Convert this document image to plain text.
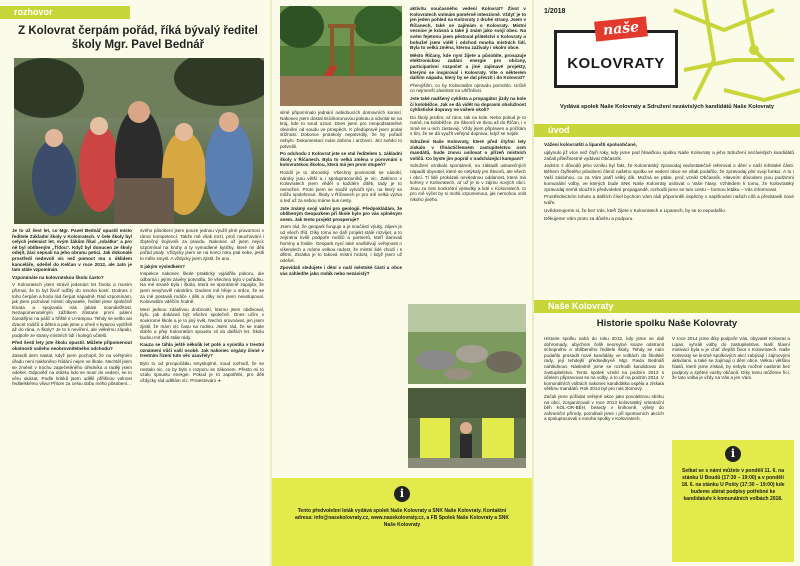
rozhovor
Z Kolovrat čerpám pořád, říká bývalý ředitel školy Mgr. Pavel Bednář

Je to už šest let, co Mgr. Pavel Bednář opustil místo ředitele Základní školy v Kolovratech. V čele školy byl celých jedenáct let, svým žákům říkal „robátka“ a pro ně byl oblíbeným „Ťídou“. Když byl donucen ze školy odejít, žáci sepsali na jeho obranu petici. Jak dokonalé prostředí nedovolí víc než pomoct mu s úklidem kanceláře, odešel do Kelčan v roce 2012, ale zato je tam stále vzpomínán.

Vzpomínáte na kolovratskou školu často?

V Kolovratech jsem strávil jedenáct let života a musím přiznat, že to byl živoř odžitý do mnoha kostí. Dodnes z toho čerpám a hodu rád čerpat nápadně. Rád vzpomínám, jak jsem poznával místní obyvatele, ředitel jsme společně tímata a spojovala nás jakási sounáležitost. Nezapomenutelným zážitkem zůstane první pálení čarodějnic na pálčí u hřiště s U-rampou. Tehdy se sešlo asi dvacet rodičů a dětmi a pak jsme u ohně s kytarou vydrželi až do rána. A školy? Je to k nevíření, ale velkému zápalu, podpoře ze strany místních lidí i kolegů učitelů.

Před šesti lety jste školu opustil. Můžete připomenout okolnosti vašeho neobrovnitelného odchodu?

Zasedli dem nastal, když jsem pochopil, že na veřejném úřadu není nakloněno hlídání nejen ve škole. Nechtěl jsem se změnit v trochu zapečetěného úředníka a raději jsem odešel. Odpověď na otázku kdo se musí do vedení, se to věru ukázat. Podle kritiků jsem udělil přílišnou volnost ředitelskému vlivu! Přitom za celou dobu mého působení...

svého působení jsem pouze jednou využil plné pravomoci v rámci kompetencí. Takže mě však mrzí, proč neuchování i zbytečný bojovník za pravdu. Nakonec už jsem nejvíc vzpomínal na kruhy a ty vymodlené kytičky, které mi děti pořád psaly. Vždycky jsem se na konci roku ptal sebe, jestli to mělo smysl. A vždycky jsem zjistil, že ano.

S jakým výsledkem?

Inspekce nakonec škole prakticky vyjádřila pokoru, ale odborná i jejími závěry potvrdila, že všechno bylo v pořádku. Na mé straně byla i škola, která se spontánně zapojila, že jsem nevyhověl nárokům. Dodnes mě hřeje u srdce, že se za mě postavili rodiče i děti a díky nim jsem neustupoval. Kolovratům vděčím hodně.

Mezi jednou zdánlivou drobností, kterou jsem obdivoval, bylo, jak dokázali být všichni společně. Dnes učím v soukromé škole a je to jiný svět. Nechci srovnávat, jen jsem zjistil, že mám víc času na rodinu. Jsem rád, že se máte dobře a přeji Kolovratům spoustu sil do dalších let. Školu budou mít děti stále rády.

Kauza se táhla ještě několik let poté a vyústila v trestní oznámení vůči vaší osobě. Jak nakonec orgány činné v trestním řízení tuto věc uzavřely?

Bylo to od prvopočátku smysluplné, soud rozhodl, že se nestalo nic, co by bylo v rozporu se zákonem. Přesto mi to vzalo spoustu energie. Pokud je to zapotřebí, pro děti vždycky rád udělám víc. Protestováni ➜

silně připomínalo jednání nebidoucích domovních komisí. Nakonec jsem dostal tisícikorunovou pokutu a odvolal se na kraj, kde to soud uznal. Dnes jsem pro neopodstatněné obvinění od soudu ve prospěch. K předúpravě jsem podal stížnost. Dokonce protokoly nepotvrdily, že by pořadí nebylo. Dokumentací mám dobrou i archivní. Jiní svědci to potvrdili.

Po odchodu z Kolovrat jste se stal ředitelem 1. základní školy v Říčanech. Byla to velká změna v porovnání s kolovratskou školou, která má jen první stupeň?

Rozdíl je to obrovský. Všechny povinnosti se násobí, nároky jsou větší a i spolupracovníků je víc. Zatímco v Kolovratech jsem věděl o každém dítěti, tady je to nemožné. Proto jsem se snažil vytvořit tým, na který se můžu spolehnout. Školy v Říčanech je pro mě velká výzva a teď už za sebou máme kus cesty.

Jste známý svojí vášní pro geologii. Předpokládám, že oblíbeným Geoparkem při škole bylo pro vás splněným snem. Jak tento projekt prosperuje?

Jsem rád, že geopark funguje a je součástí výuky, zájem je od všech tříd. Díky tomu se daří projekt stále rozvíjet, a to zejména kvůli podpoře rodičů a partnerů, kteří darovali horniny a fosilie. Geopark nyní také navštěvují veřejnosti o víkendech a máme velkou radost, že místní lidé chodí i s dětmi. Zkrátka je to taková místní hrdost, i když jsem už odešel.

Zpovídali sledujete i dění v naší městské části a obce vás zahledíte jako rodák nebo nezávislý?

aktivitu současného vedení Kolovrat? Život v Kolovratech vnímám poměrně intenzivně. Vždyť je to jen jeden pohled na Kolovraty z druhé strany. Jsem v Říčanech, také se zajímám o Kolovraty. Místní vesnice je krásná a také ji znám jako svoji obec. Na svém fejetonu jsem pěstoval přátelství s Kolovraty a bohužel jsem viděl i odchod mnoha místních lidí. Byla to velká změna, kterou zažívaly i okolní obce.

Město Říčany, kde nyní žijete a působíte, prosazuje elektronickou zadání energie pro občany, participativní rozpočet a jiné zajímavé projekty, kterými se inspiroval i Kolovraty. Vite o některém dalším nápadu, který by se dal převzít i do Kolovrat?

Přemýšlím, co by Kolovratům opravdu pomohlo. Určitě co nejmenší závislost na Uhříněvsi.

Jste také nadšený cyklista a propagátor jízdy na kole či koloběžce. Jak se dá vidět na dopravní obslužnost cyklistické dopravy ve vašem okolí?

Do školy jezdím, ať ráno, tak na kole. Nebo pokud je to nutné, na koloběžce. Ze Škvorů ve dvou až do Říčan, i v zimě se u nich zastavuji. Vždy jsem připraven a počítám s tím, že se dá využít veřejná doprava, když se nejde.

Sdružení Naše Kolovraty, které před čtyřmi lety získalo v třináctičlenném zastupitelstvu osm mandátů, bude znovu usilovat o přízeň místních voličů. Co byste jim poprál v nadcházející kampani?

Sdružení vznikalo spontánně, na základě uskutečných nápadů obyvatel, které se netýkaly jen Škvorů, ale všech i obcí. Ti lidé prokázali nevšednou oddanost, která má kořeny v Kolovratech, ať už je to v zájmu nových obcí. Jsou za nimi konkrétní výsledky a lidé v Kolovratech, to pro mě výčet by si mohli vzpomenout, jak nemohou volit nikoho jiného.

i
Tento předvolební leták vydává spolek Naše Kolovraty a SNK Naše Kolovraty. Kontaktní adresa: info@nasekolovraty.cz, www.nasekolovraty.cz, a FB Spolek Naše Kolovraty a SNK Naše Kolovraty
1/2018
naše
KOLOVRATY
Vydává spolek Naše Kolovraty a Sdružení nezávislých kandidátů Naše Kolovraty
úvod

Vážení kolovratští a lipanští spoluobčané,

uplynulo již více než čtyři roky, kdy jsme pod hlavičkou spolku Naše Kolovraty a jeho Sdružení nezávislých kandidátů začali přiležitostně vydávat Občasník.

Jedním z důvodů jeho vzniku byl fakt, že Kolovratský zpravodaj nedostatečně referoval o dění v naší městské části. Během čtyřletého působení členů našeho spolku ve vedení obce se však podařilo, že zpravodaj plní svoji funkci. A to i Vaší zásluhou, co za Vám patří velký dík. Možná se ptáte, proč vznikl Občasník. Hlavním důvodem jsou podzimní komunální volby, ve kterých bude SNK Naše Kolovraty usilovat o Vaše hlasy. Vzhledem k tomu, že Kolovratský zpravodaj nemá sloužit k předvolební propagandě, rozhodli jsme se tuto cestu – formou letáku – Vás informovat.

Prostřednictvím tohoto a dalších čísel bychom Vám rádi připomněli úspěchy v naplňování našich cílů a představili nové tváře.

Uvědomujeme si, že bez Vás, kteří žijete v Kolovratech a Lipanech, by se to nepodařilo.

Děkujeme Vám proto za důvěru a podporu.

Naše Kolovraty
Historie spolku Naše Kolovraty

Historie spolku sahá do roku 2012, kdy jsme se dali dohromady, abychom čelili neomylné snaze odstranit schopného a oblíbeného ředitele školy. Tehdy se nám podařilo prosadit nové kandidáty ve volbách do školské rady, její tehdejší předsedkyně Mgr. Pavla Bednáři nahlédnout. Následně jsme se rozhodli kandidovat do zastupitelstva. Tento spolek vznikl na podzim 2013 s účelem připravovat se na volby, a to už na podzim 2014. V komunálních volbách nakonec kandidátka uspěla a získala většinu mandátů. Rok 2014 byl pro nás zlomový.

Začali jsme pořádat veřejné akce jako povolebnou sbírku na obci, zorganizovali v roce 2013 kolovratský orientační běh KOL-OR-BĚH, besedy v knihovně, výlety do zahraniční přírody, pomáhali jsme i při sportovních akcích a spolupracovali s mnoha spolky v Kolovratech.

V roce 2014 jsme díky podpoře Vás, obyvatel Kolovrat a Lipan, vyhráli volby do zastupitelstva. Naší hlavní motivací byla a je chuť zlepšit život v Kolovratech. Naše Kolovraty se kromě spolkových akcí zabývají i zájmovými aktivitami, a také se zajímají o dění obce. Velkou většinu hlasů, které jsme získali, by nebylo možné nasbírat bez podpory a zpětné vazby občanů. Díky tomu můžeme říci, že tato volba je vždy na Vás a jen Vám.

i
Setkat se s námi můžete v pondělí 11. 6. na stánku U Boudů (17:30 – 19:00) a v pondělí 18. 6. na stánku U Pošty (17:30 – 19:00) kde budeme sbírat podpisy potřebné ke kandidatuře k komunálních volbách 2018.
